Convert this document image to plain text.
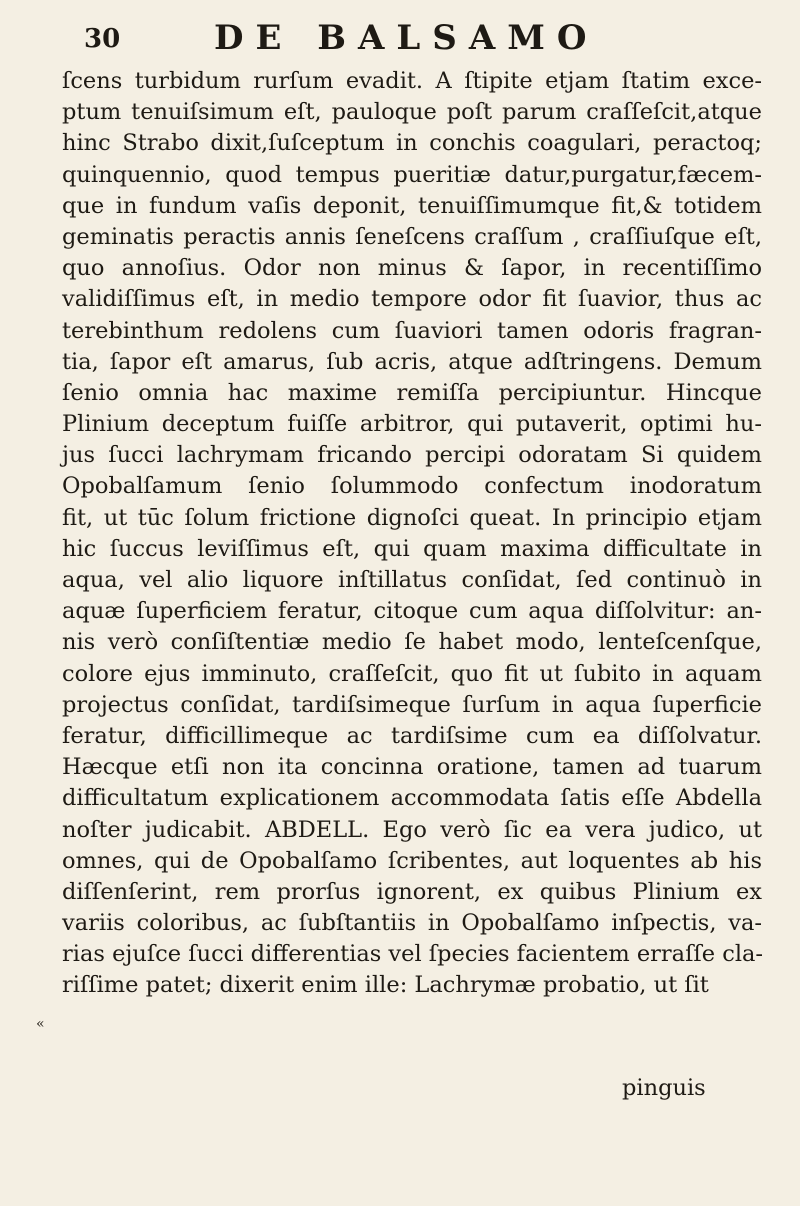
30	DE BALSAMO
ſcens turbidum rurſum evadit. A ſtipite etjam ſtatim exce-
ptum tenuiſsimum eſt, pauloque poſt parum craſſeſcit,atque
hinc Strabo dixit,ſuſceptum in conchis coagulari, peractoq;
quinquennio, quod tempus pueritiæ datur,purgatur,fæcem-
que in fundum vaſis deponit, tenuiſſimumque fit,& totidem
geminatis peractis annis ſeneſcens craſſum , craſſiuſque eſt,
quo annoſius. Odor non minus & ſapor, in recentiſſimo
validiſſimus eſt, in medio tempore odor fit ſuavior, thus ac
terebinthum redolens cum ſuaviori tamen odoris fragran-
tia, ſapor eſt amarus, ſub acris, atque adſtringens. Demum
ſenio omnia hac maxime remiſſa percipiuntur. Hincque
Plinium deceptum fuiſſe arbitror, qui putaverit, optimi hu-
jus ſucci lachrymam fricando percipi odoratam Si quidem
Opobalſamum ſenio ſolummodo confectum inodoratum
fit, ut tūc ſolum frictione dignoſci queat. In principio etjam
hic ſuccus leviſſimus eſt, qui quam maxima difficultate in
aqua, vel alio liquore inſtillatus conſidat, ſed continuò in
aquæ ſuperficiem feratur, citoque cum aqua diſſolvitur: an-
nis verò conſiſtentiæ medio ſe habet modo, lenteſcenſque,
colore ejus imminuto, craſſeſcit, quo fit ut ſubito in aquam
projectus conſidat, tardiſsimeque ſurſum in aqua ſuperficie
feratur, difficillimeque ac tardiſsime cum ea diſſolvatur.
Hæcque etſi non ita concinna oratione, tamen ad tuarum
difficultatum explicationem accommodata ſatis eſſe Abdella
noſter judicabit. ABDELL. Ego verò ſic ea vera judico, ut
omnes, qui de Opobalſamo ſcribentes, aut loquentes ab his
diſſenſerint, rem prorſus ignorent, ex quibus Plinium ex
variis coloribus, ac ſubſtantiis in Opobalſamo inſpectis, va-
rias ejuſce ſucci differentias vel ſpecies facientem erraſſe cla-
riſſime patet; dixerit enim ille: Lachrymæ probatio, ut ſit
«
pinguis
